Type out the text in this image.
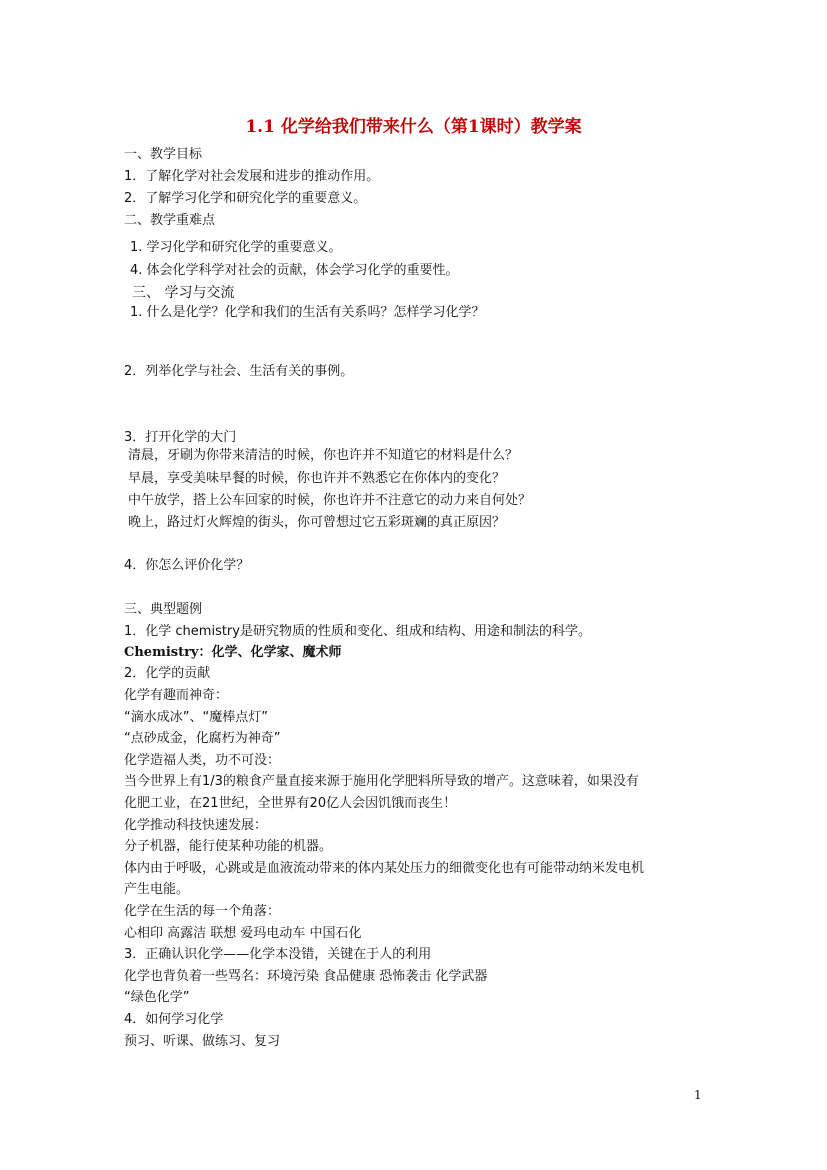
1.1 化学给我们带来什么（第1课时）教学案
一、教学目标
1．了解化学对社会发展和进步的推动作用。
2．了解学习化学和研究化学的重要意义。
二、教学重难点
1. 学习化学和研究化学的重要意义。
4. 体会化学科学对社会的贡献，体会学习化学的重要性。
三、 学习与交流
1. 什么是化学？化学和我们的生活有关系吗？怎样学习化学？
2．列举化学与社会、生活有关的事例。
3．打开化学的大门
清晨，牙刷为你带来清洁的时候，你也许并不知道它的材料是什么？
早晨，享受美味早餐的时候，你也许并不熟悉它在你体内的变化？
中午放学，搭上公车回家的时候，你也许并不注意它的动力来自何处？
晚上，路过灯火辉煌的街头，你可曾想过它五彩斑斓的真正原因？
4．你怎么评价化学？
三、典型题例
1．化学 chemistry是研究物质的性质和变化、组成和结构、用途和制法的科学。
Chemistry：化学、化学家、魔术师
2．化学的贡献
化学有趣而神奇：
“滴水成冰”、“魔棒点灯”
“点砂成金，化腐朽为神奇”
化学造福人类，功不可没：
当今世界上有1/3的粮食产量直接来源于施用化学肥料所导致的增产。这意味着，如果没有
化肥工业，在21世纪，全世界有20亿人会因饥饿而丧生！
化学推动科技快速发展：
分子机器，能行使某种功能的机器。
体内由于呼吸，心跳或是血液流动带来的体内某处压力的细微变化也有可能带动纳米发电机
产生电能。
化学在生活的每一个角落：
心相印 高露洁 联想 爱玛电动车 中国石化
3．正确认识化学——化学本没错，关键在于人的利用
化学也背负着一些骂名：环境污染 食品健康 恐怖袭击 化学武器
“绿色化学”
4．如何学习化学
预习、听课、做练习、复习
1
